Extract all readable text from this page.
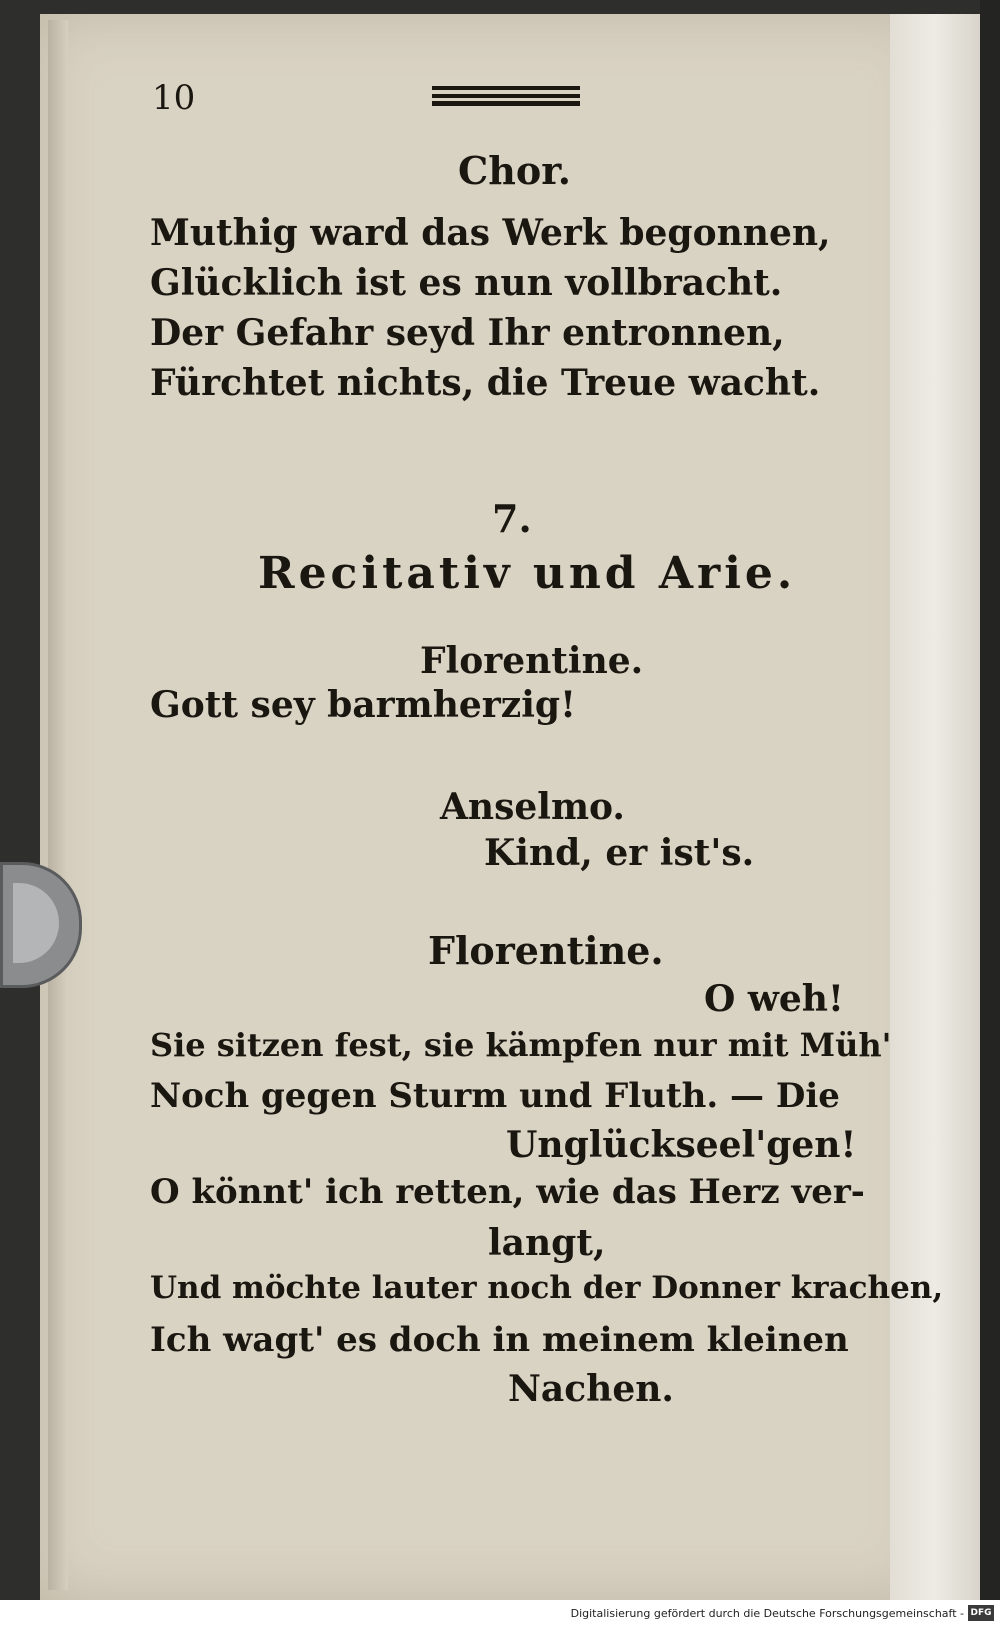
10
Chor.
Muthig ward das Werk begonnen,
Glücklich ist es nun vollbracht.
Der Gefahr seyd Ihr entronnen,
Fürchtet nichts, die Treue wacht.
7.
Recitativ und Arie.
Florentine.
Gott sey barmherzig!
Anselmo.
Kind, er ist's.
Florentine.
O weh!
Sie sitzen fest, sie kämpfen nur mit Müh'
Noch gegen Sturm und Fluth. — Die
Unglückseel'gen!
O könnt' ich retten, wie das Herz ver-
langt,
Und möchte lauter noch der Donner krachen,
Ich wagt' es doch in meinem kleinen
Nachen.
Digitalisierung gefördert durch die Deutsche Forschungsgemeinschaft - DFG
